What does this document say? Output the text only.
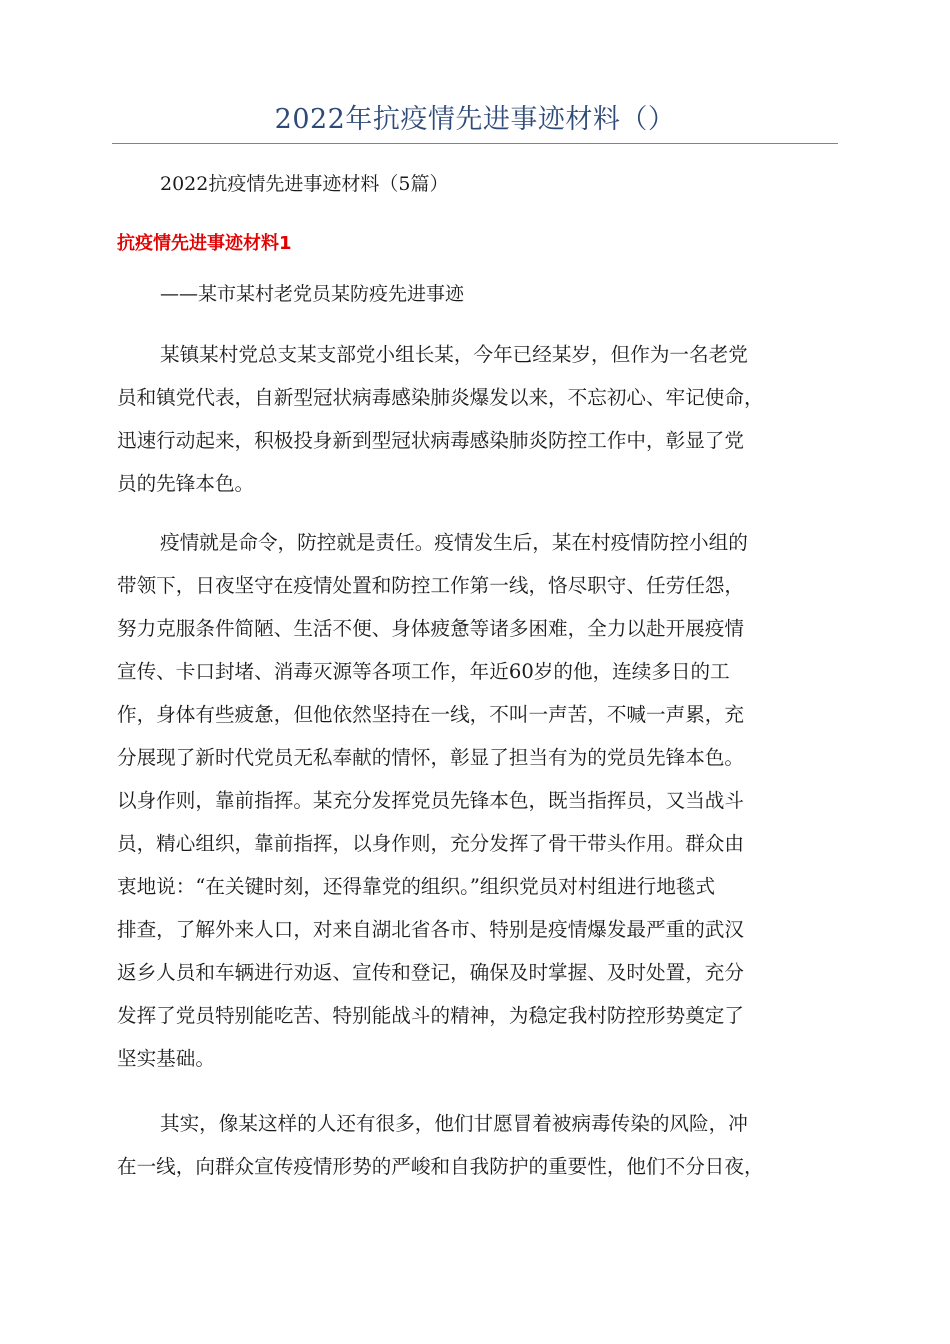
2022年抗疫情先进事迹材料（）
2022抗疫情先进事迹材料（5篇）
抗疫情先进事迹材料1
——某市某村老党员某防疫先进事迹
某镇某村党总支某支部党小组长某，今年已经某岁，但作为一名老党
员和镇党代表，自新型冠状病毒感染肺炎爆发以来，不忘初心、牢记使命，
迅速行动起来，积极投身新到型冠状病毒感染肺炎防控工作中，彰显了党
员的先锋本色。
疫情就是命令，防控就是责任。疫情发生后，某在村疫情防控小组的
带领下，日夜坚守在疫情处置和防控工作第一线，恪尽职守、任劳任怨，
努力克服条件简陋、生活不便、身体疲惫等诸多困难，全力以赴开展疫情
宣传、卡口封堵、消毒灭源等各项工作，年近60岁的他，连续多日的工
作，身体有些疲惫，但他依然坚持在一线，不叫一声苦，不喊一声累，充
分展现了新时代党员无私奉献的情怀，彰显了担当有为的党员先锋本色。
以身作则，靠前指挥。某充分发挥党员先锋本色，既当指挥员，又当战斗
员，精心组织，靠前指挥，以身作则，充分发挥了骨干带头作用。群众由
衷地说：“在关键时刻，还得靠党的组织。”组织党员对村组进行地毯式
排查，了解外来人口，对来自湖北省各市、特别是疫情爆发最严重的武汉
返乡人员和车辆进行劝返、宣传和登记，确保及时掌握、及时处置，充分
发挥了党员特别能吃苦、特别能战斗的精神，为稳定我村防控形势奠定了
坚实基础。
其实，像某这样的人还有很多，他们甘愿冒着被病毒传染的风险，冲
在一线，向群众宣传疫情形势的严峻和自我防护的重要性，他们不分日夜，
